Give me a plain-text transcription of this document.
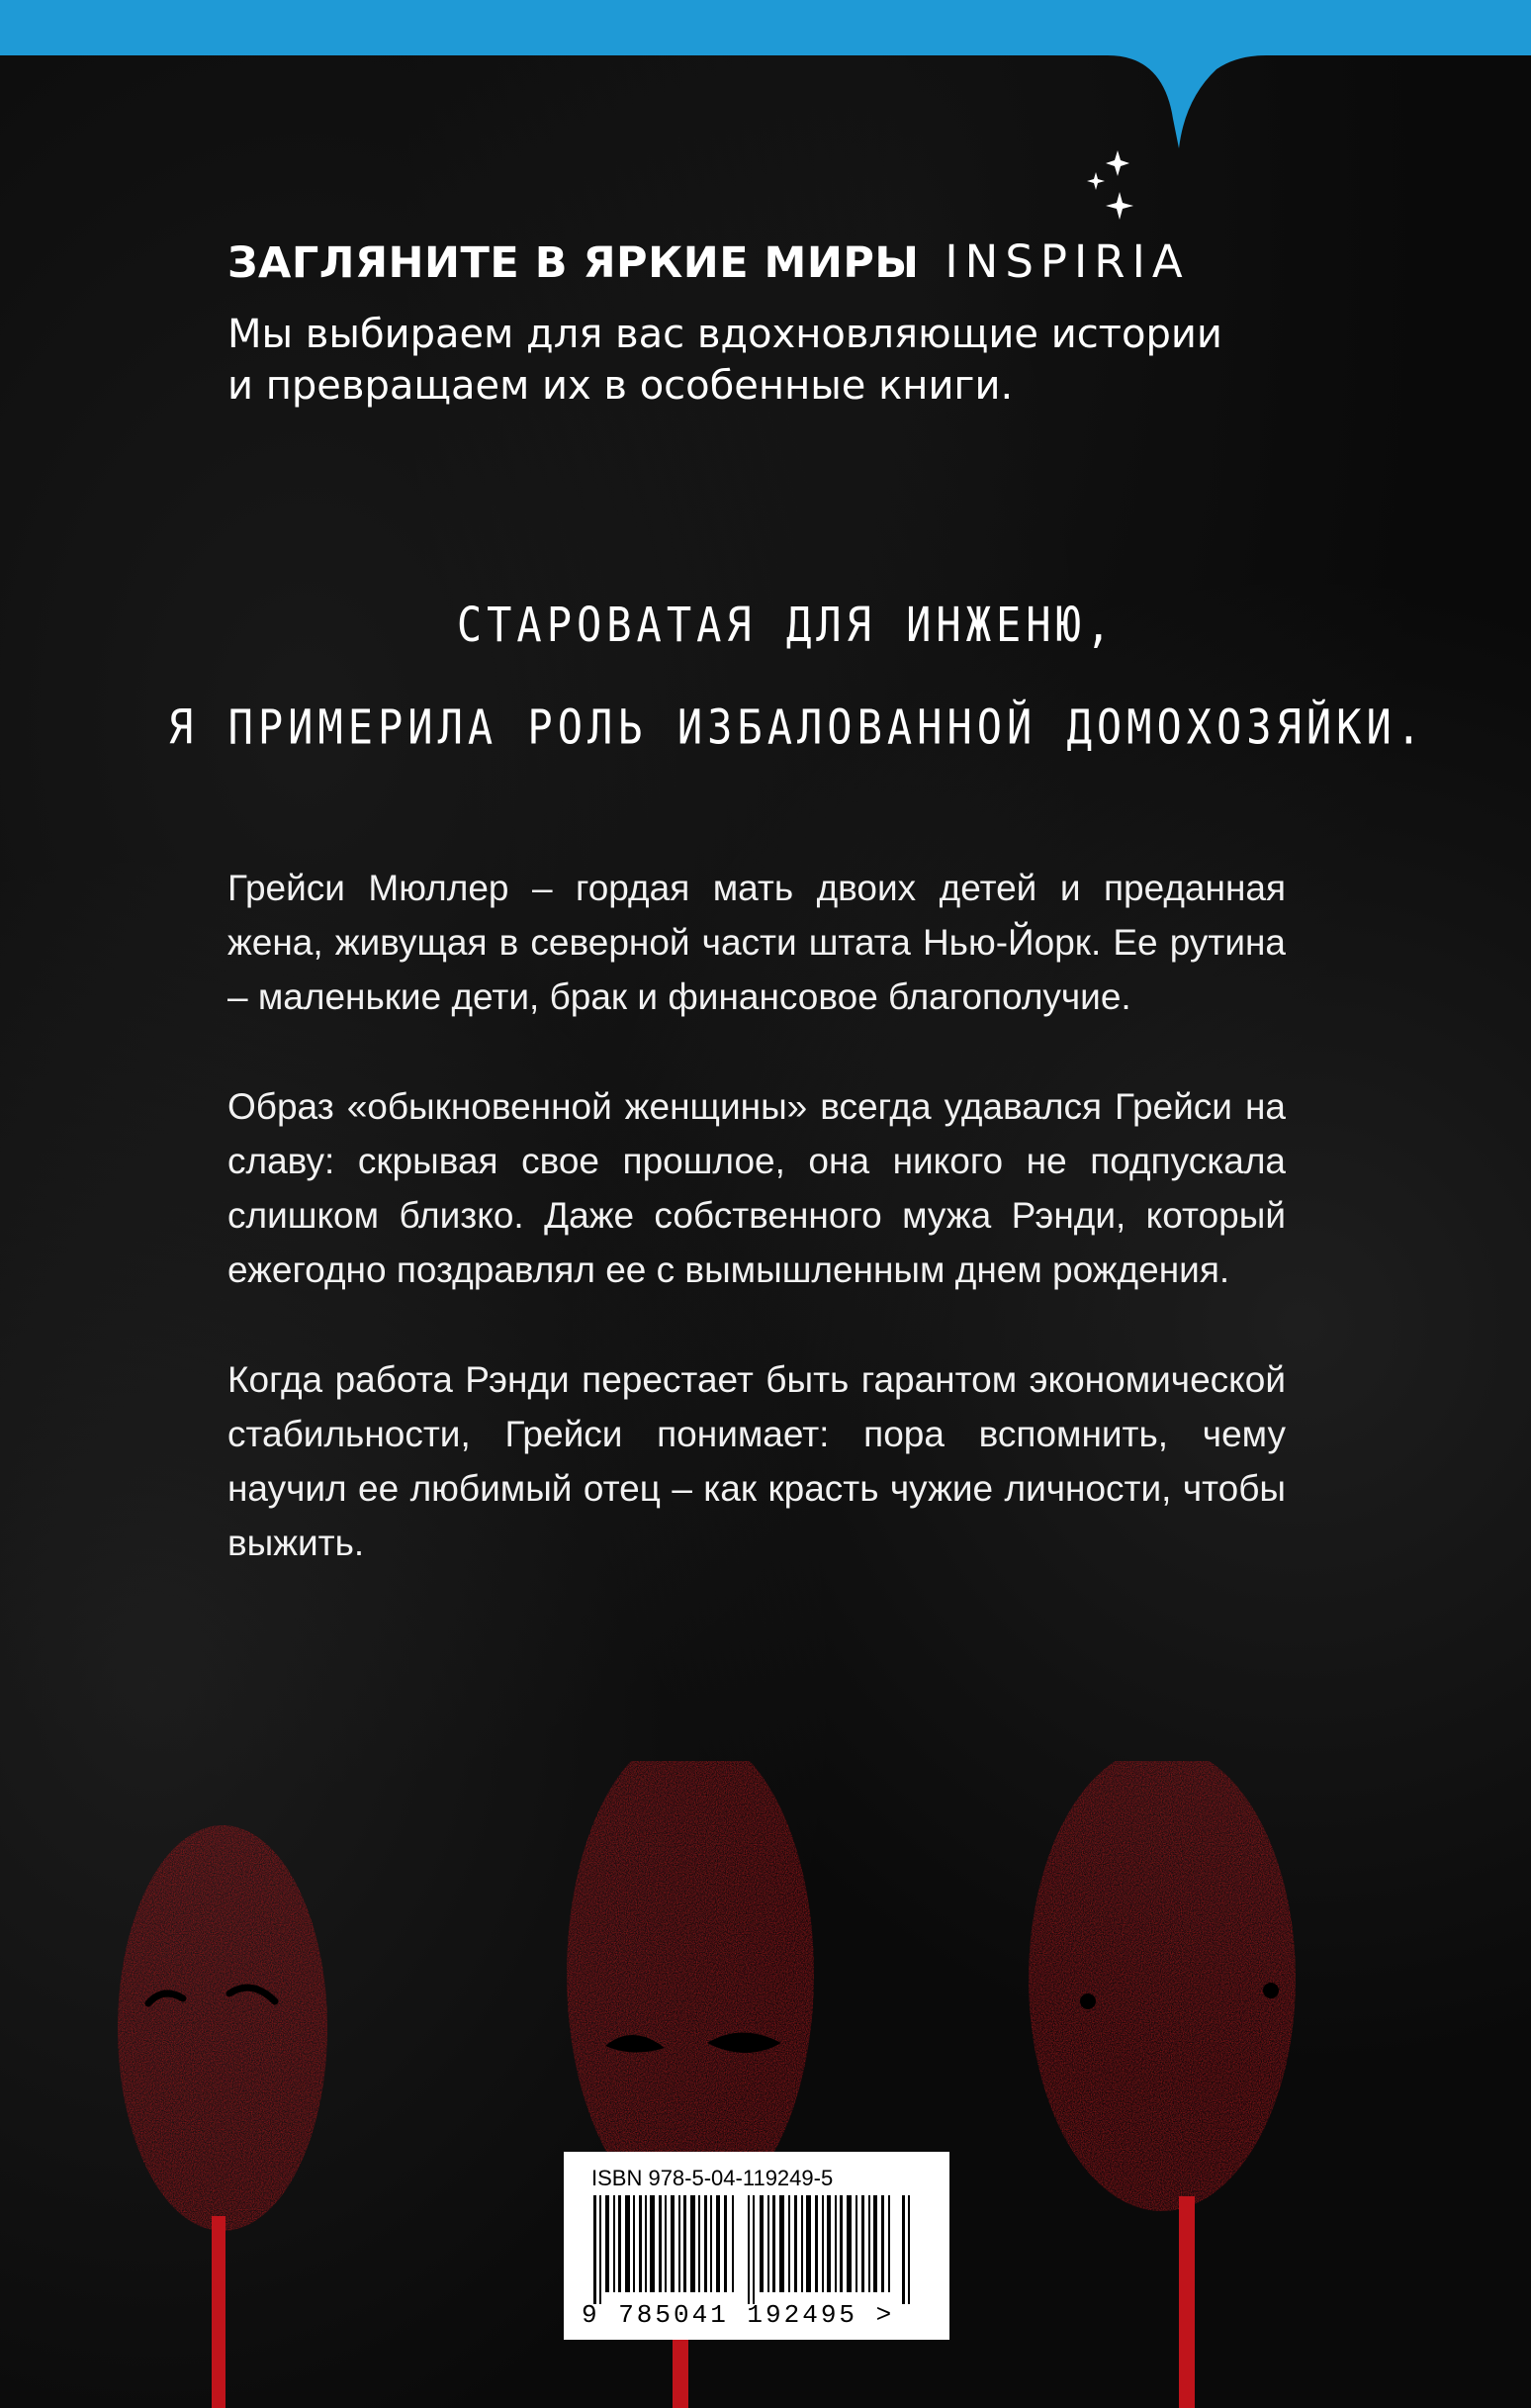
ЗАГЛЯНИТЕ В ЯРКИЕ МИРЫ INSPIRIA
Мы выбираем для вас вдохновляющие истории
и превращаем их в особенные книги.
СТАРОВАТАЯ ДЛЯ ИНЖЕНЮ,
Я ПРИМЕРИЛА РОЛЬ ИЗБАЛОВАННОЙ ДОМОХОЗЯЙКИ.

Грейси Мюллер – гордая мать двоих детей и преданная жена, живущая в северной части штата Нью-Йорк. Ее рутина – маленькие дети, брак и финансовое благополучие.

Образ «обыкновенной женщины» всегда удавался Грейси на славу: скрывая свое прошлое, она никого не подпускала слишком близко. Даже собственного мужа Рэнди, который ежегодно поздравлял ее с вымышленным днем рождения.

Когда работа Рэнди перестает быть гарантом экономической стабильности, Грейси понимает: пора вспомнить, чему научил ее любимый отец – как красть чужие личности, чтобы выжить.

ISBN 978-5-04-119249-5
9 785041 192495 >
